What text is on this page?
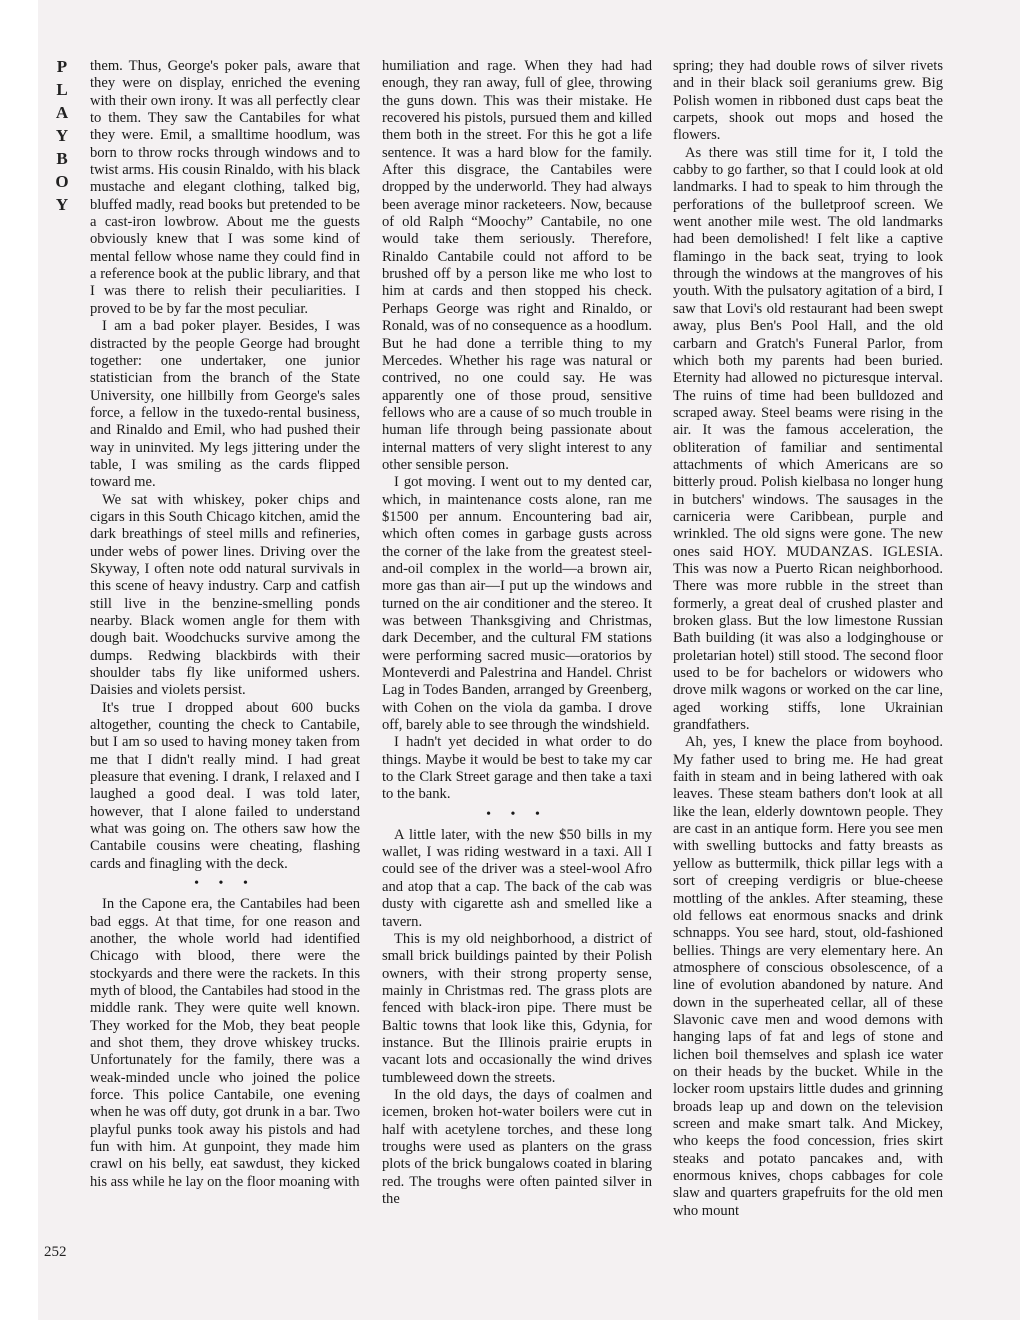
P
L
A
Y
B
O
Y
252

them. Thus, George's poker pals, aware that they were on display, enriched the evening with their own irony. It was all perfectly clear to them. They saw the Cantabiles for what they were. Emil, a smalltime hoodlum, was born to throw rocks through windows and to twist arms. His cousin Rinaldo, with his black mustache and elegant clothing, talked big, bluffed madly, read books but pretended to be a cast-iron lowbrow. About me the guests obviously knew that I was some kind of mental fellow whose name they could find in a reference book at the public library, and that I was there to relish their peculiarities. I proved to be by far the most peculiar.

I am a bad poker player. Besides, I was distracted by the people George had brought together: one undertaker, one junior statistician from the branch of the State University, one hillbilly from George's sales force, a fellow in the tuxedo-rental business, and Rinaldo and Emil, who had pushed their way in uninvited. My legs jittering under the table, I was smiling as the cards flipped toward me.

We sat with whiskey, poker chips and cigars in this South Chicago kitchen, amid the dark breathings of steel mills and refineries, under webs of power lines. Driving over the Skyway, I often note odd natural survivals in this scene of heavy industry. Carp and catfish still live in the benzine-smelling ponds nearby. Black women angle for them with dough bait. Woodchucks survive among the dumps. Redwing blackbirds with their shoulder tabs fly like uniformed ushers. Daisies and violets persist.

It's true I dropped about 600 bucks altogether, counting the check to Cantabile, but I am so used to having money taken from me that I didn't really mind. I had great pleasure that evening. I drank, I relaxed and I laughed a good deal. I was told later, however, that I alone failed to understand what was going on. The others saw how the Cantabile cousins were cheating, flashing cards and finagling with the deck.

• • •

In the Capone era, the Cantabiles had been bad eggs. At that time, for one reason and another, the whole world had identified Chicago with blood, there were the stockyards and there were the rackets. In this myth of blood, the Cantabiles had stood in the middle rank. They were quite well known. They worked for the Mob, they beat people and shot them, they drove whiskey trucks. Unfortunately for the family, there was a weak-minded uncle who joined the police force. This police Cantabile, one evening when he was off duty, got drunk in a bar. Two playful punks took away his pistols and had fun with him. At gunpoint, they made him crawl on his belly, eat sawdust, they kicked his ass while he lay on the floor moaning with

humiliation and rage. When they had had enough, they ran away, full of glee, throwing the guns down. This was their mistake. He recovered his pistols, pursued them and killed them both in the street. For this he got a life sentence. It was a hard blow for the family. After this disgrace, the Cantabiles were dropped by the underworld. They had always been average minor racketeers. Now, because of old Ralph “Moochy” Cantabile, no one would take them seriously. Therefore, Rinaldo Cantabile could not afford to be brushed off by a person like me who lost to him at cards and then stopped his check. Perhaps George was right and Rinaldo, or Ronald, was of no consequence as a hoodlum. But he had done a terrible thing to my Mercedes. Whether his rage was natural or contrived, no one could say. He was apparently one of those proud, sensitive fellows who are a cause of so much trouble in human life through being passionate about internal matters of very slight interest to any other sensible person.

I got moving. I went out to my dented car, which, in maintenance costs alone, ran me $1500 per annum. Encountering bad air, which often comes in garbage gusts across the corner of the lake from the greatest steel-and-oil complex in the world—a brown air, more gas than air—I put up the windows and turned on the air conditioner and the stereo. It was between Thanksgiving and Christmas, dark December, and the cultural FM stations were performing sacred music—oratorios by Monteverdi and Palestrina and Handel. Christ Lag in Todes Banden, arranged by Greenberg, with Cohen on the viola da gamba. I drove off, barely able to see through the windshield.

I hadn't yet decided in what order to do things. Maybe it would be best to take my car to the Clark Street garage and then take a taxi to the bank.

• • •

A little later, with the new $50 bills in my wallet, I was riding westward in a taxi. All I could see of the driver was a steel-wool Afro and atop that a cap. The back of the cab was dusty with cigarette ash and smelled like a tavern.

This is my old neighborhood, a district of small brick buildings painted by their Polish owners, with their strong property sense, mainly in Christmas red. The grass plots are fenced with black-iron pipe. There must be Baltic towns that look like this, Gdynia, for instance. But the Illinois prairie erupts in vacant lots and occasionally the wind drives tumbleweed down the streets.

In the old days, the days of coalmen and icemen, broken hot-water boilers were cut in half with acetylene torches, and these long troughs were used as planters on the grass plots of the brick bungalows coated in blaring red. The troughs were often painted silver in the

spring; they had double rows of silver rivets and in their black soil geraniums grew. Big Polish women in ribboned dust caps beat the carpets, shook out mops and hosed the flowers.

As there was still time for it, I told the cabby to go farther, so that I could look at old landmarks. I had to speak to him through the perforations of the bulletproof screen. We went another mile west. The old landmarks had been demolished! I felt like a captive flamingo in the back seat, trying to look through the windows at the mangroves of his youth. With the pulsatory agitation of a bird, I saw that Lovi's old restaurant had been swept away, plus Ben's Pool Hall, and the old carbarn and Gratch's Funeral Parlor, from which both my parents had been buried. Eternity had allowed no picturesque interval. The ruins of time had been bulldozed and scraped away. Steel beams were rising in the air. It was the famous acceleration, the obliteration of familiar and sentimental attachments of which Americans are so bitterly proud. Polish kielbasa no longer hung in butchers' windows. The sausages in the carniceria were Caribbean, purple and wrinkled. The old signs were gone. The new ones said HOY. MUDANZAS. IGLESIA. This was now a Puerto Rican neighborhood. There was more rubble in the street than formerly, a great deal of crushed plaster and broken glass. But the low limestone Russian Bath building (it was also a lodginghouse or proletarian hotel) still stood. The second floor used to be for bachelors or widowers who drove milk wagons or worked on the car line, aged working stiffs, lone Ukrainian grandfathers.

Ah, yes, I knew the place from boyhood. My father used to bring me. He had great faith in steam and in being lathered with oak leaves. These steam bathers don't look at all like the lean, elderly downtown people. They are cast in an antique form. Here you see men with swelling buttocks and fatty breasts as yellow as buttermilk, thick pillar legs with a sort of creeping verdigris or blue-cheese mottling of the ankles. After steaming, these old fellows eat enormous snacks and drink schnapps. You see hard, stout, old-fashioned bellies. Things are very elementary here. An atmosphere of conscious obsolescence, of a line of evolution abandoned by nature. And down in the superheated cellar, all of these Slavonic cave men and wood demons with hanging laps of fat and legs of stone and lichen boil themselves and splash ice water on their heads by the bucket. While in the locker room upstairs little dudes and grinning broads leap up and down on the television screen and make smart talk. And Mickey, who keeps the food concession, fries skirt steaks and potato pancakes and, with enormous knives, chops cabbages for cole slaw and quarters grapefruits for the old men who mount
